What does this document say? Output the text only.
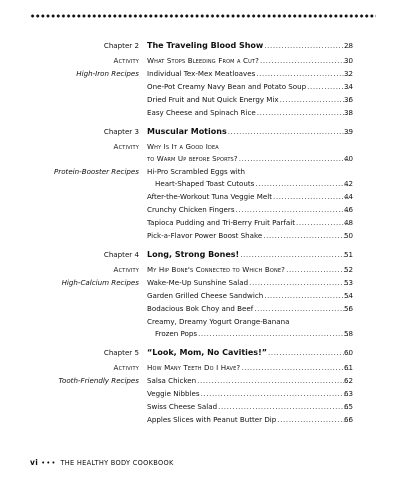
Chapter 2 The Traveling Blood Show .....	28
Activity What Stops Bleeding From a Cut? .....	30
High-Iron Recipes Individual Tex-Mex Meatloaves .....	32
One-Pot Creamy Navy Bean and Potato Soup .....	34
Dried Fruit and Nut Quick Energy Mix .....	36
Easy Cheese and Spinach Rice .....	38
Chapter 3 Muscular Motions .....	39
Activity Why Is It a Good Idea
to Warm Up before Sports? .....	40
Protein-Booster Recipes Hi-Pro Scrambled Eggs with
Heart-Shaped Toast Cutouts .....	42
After-the-Workout Tuna Veggie Melt .....	44
Crunchy Chicken Fingers .....	46
Tapioca Pudding and Tri-Berry Fruit Parfait .....	48
Pick-a-Flavor Power Boost Shake .....	50
Chapter 4 Long, Strong Bones! .....	51
Activity My Hip Bone's Connected to Which Bone? .....	52
High-Calcium Recipes Wake-Me-Up Sunshine Salad .....	53
Garden Grilled Cheese Sandwich .....	54
Bodacious Bok Choy and Beef .....	56
Creamy, Dreamy Yogurt Orange-Banana
Frozen Pops .....	58
Chapter 5 “Look, Mom, No Cavities!” .....	60
Activity How Many Teeth Do I Have? .....	61
Tooth-Friendly Recipes Salsa Chicken .....	62
Veggie Nibbles .....	63
Swiss Cheese Salad .....	65
Apples Slices with Peanut Butter Dip .....	66
vi ••• THE HEALTHY BODY COOKBOOK
